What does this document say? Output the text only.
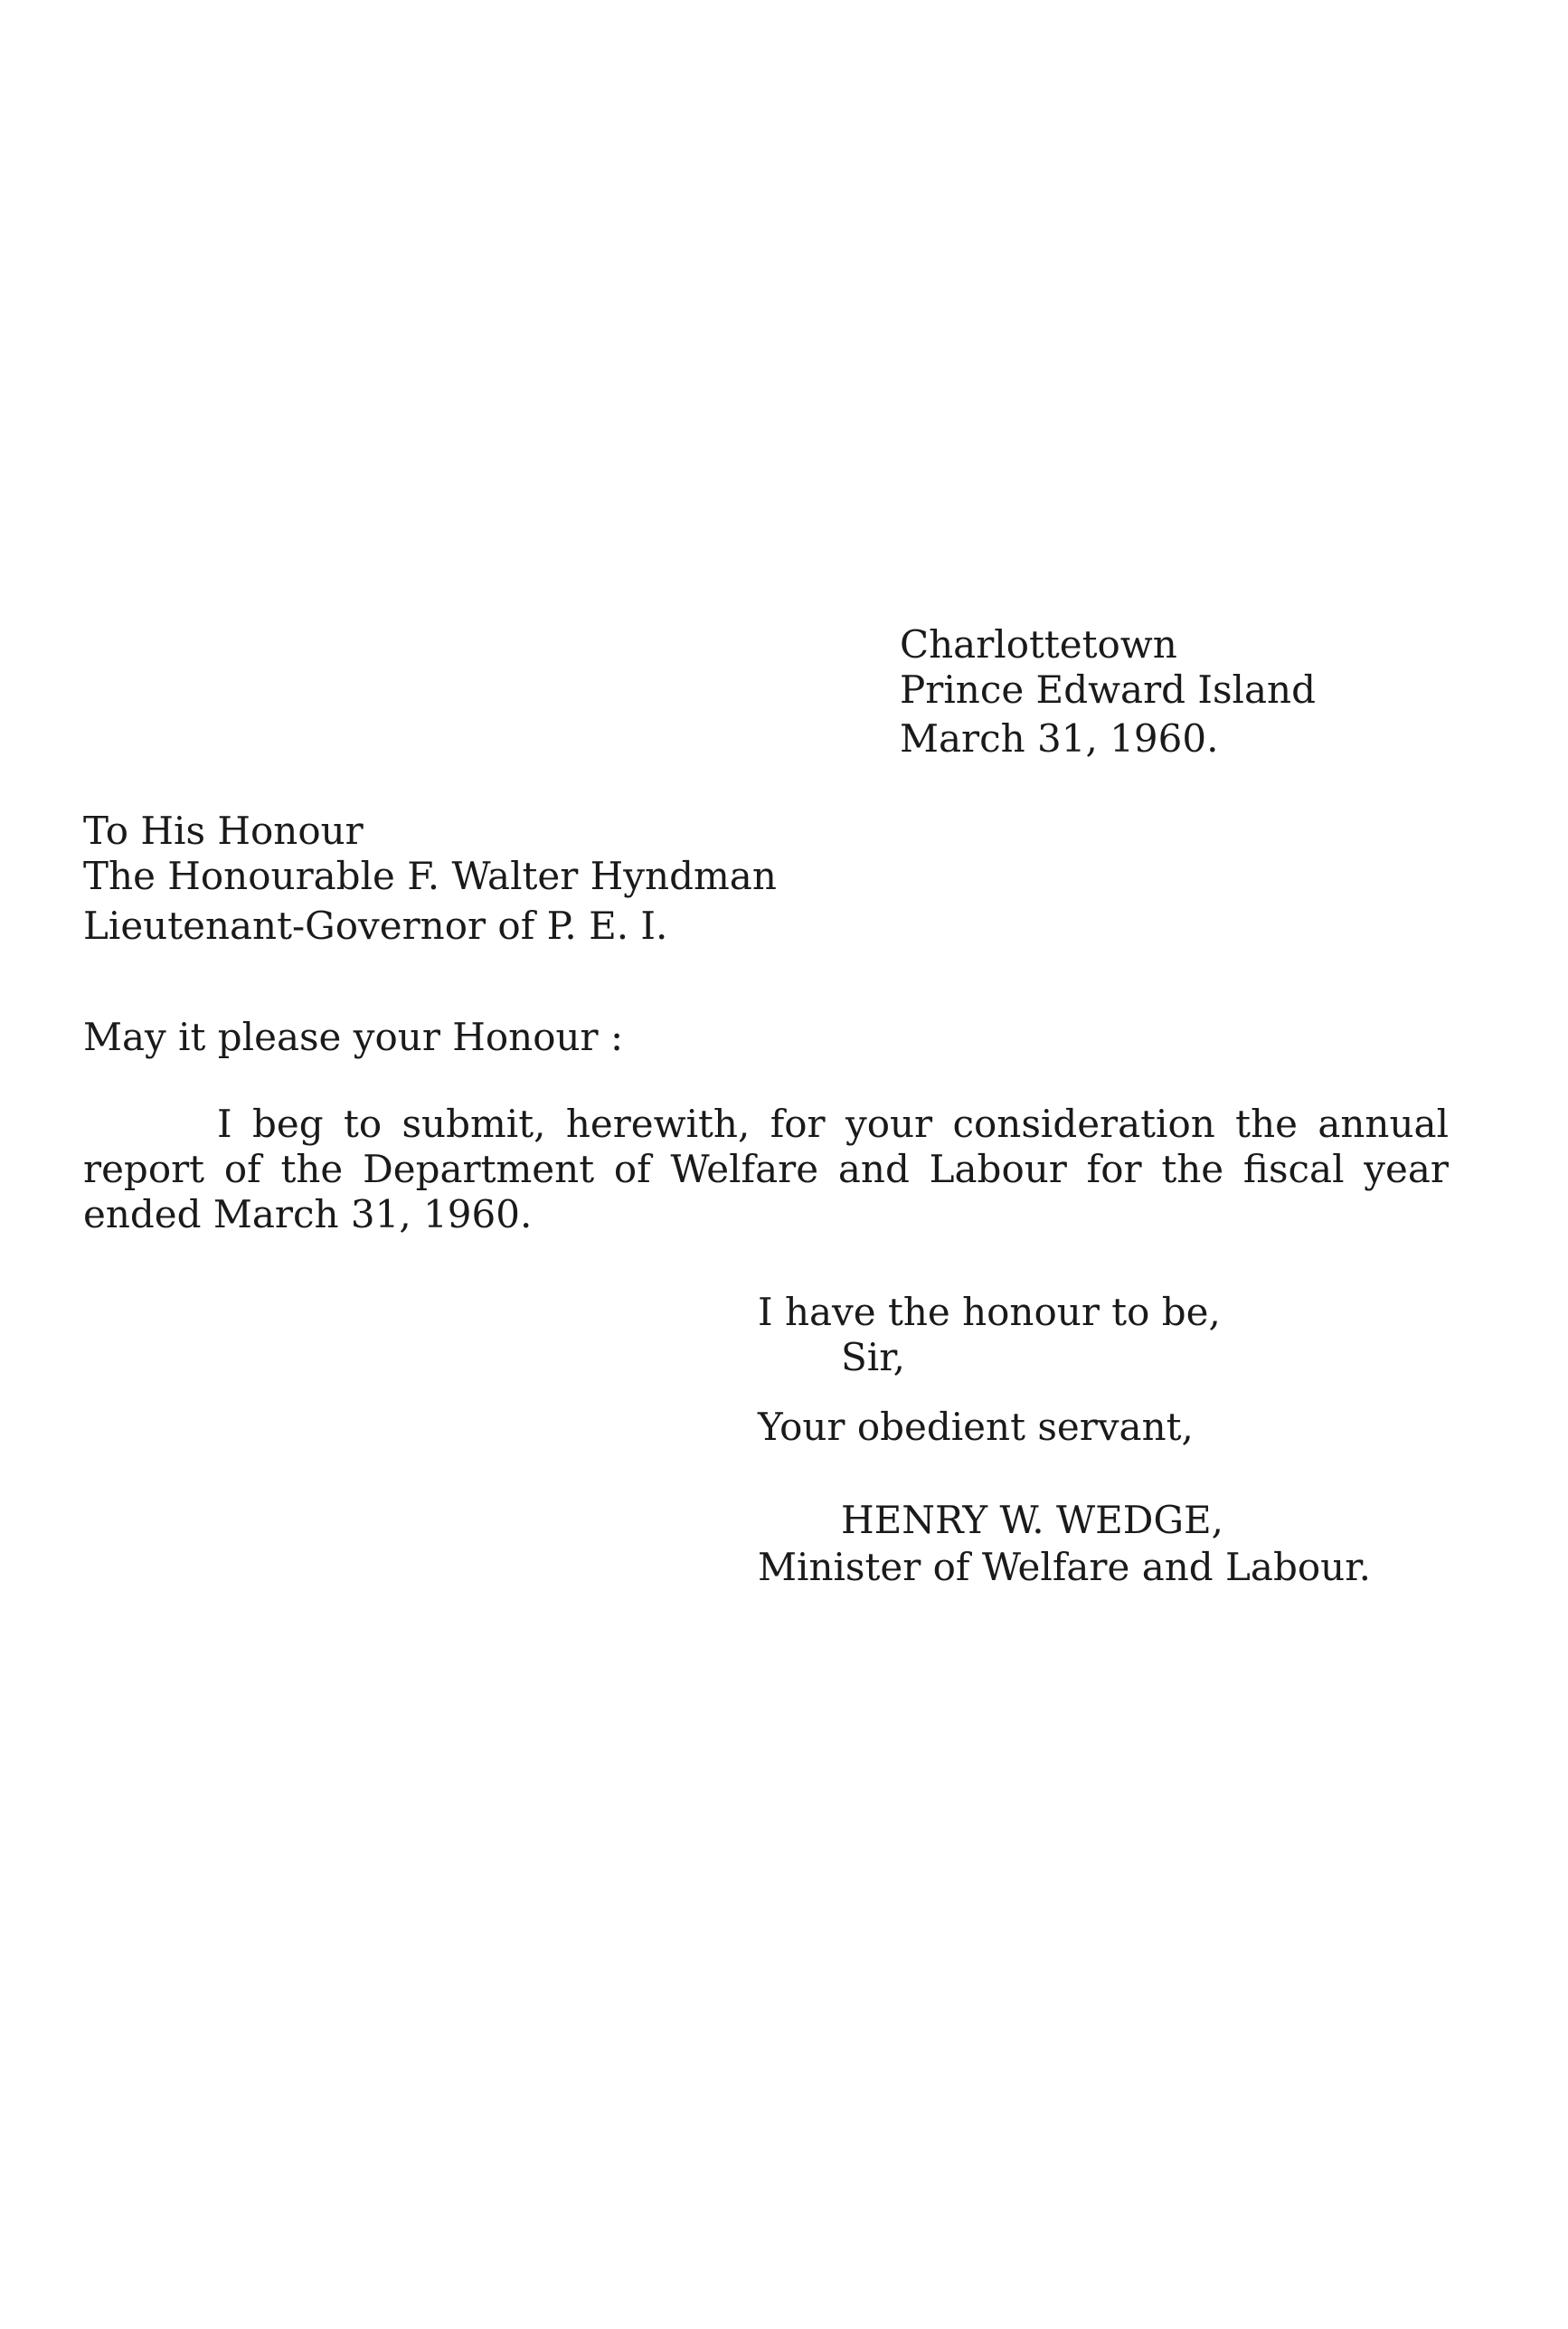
Charlottetown

Prince Edward Island

March 31, 1960.

To His Honour

The Honourable F. Walter Hyndman

Lieutenant-Governor of P. E. I.

May it please your Honour :

I beg to submit, herewith, for your consideration the annual report of the Department of Welfare and Labour for the fiscal year ended March 31, 1960.

I have the honour to be,

Sir,

Your obedient servant,

HENRY W. WEDGE,

Minister of Welfare and Labour.
